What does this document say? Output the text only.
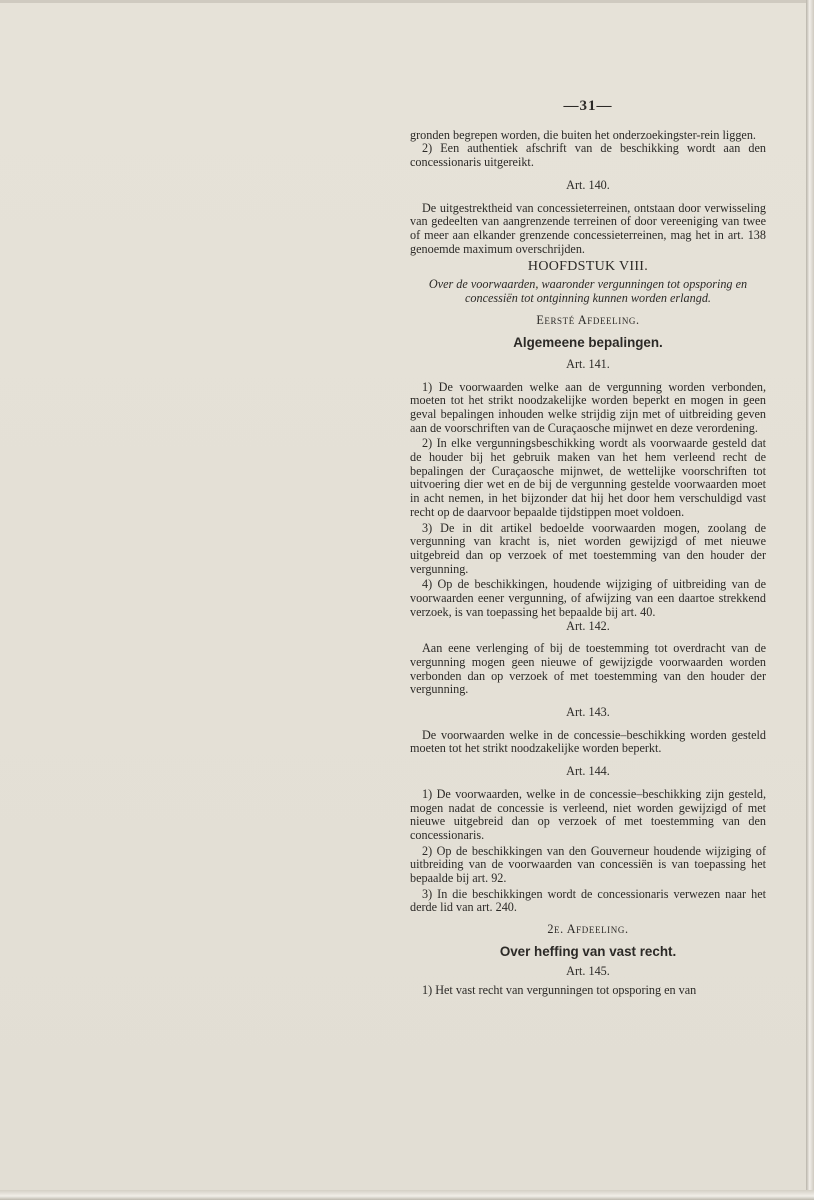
—31—

gronden begrepen worden, die buiten het onderzoekingster-rein liggen.

2) Een authentiek afschrift van de beschikking wordt aan den concessionaris uitgereikt.

Art. 140.

De uitgestrektheid van concessieterreinen, ontstaan door verwisseling van gedeelten van aangrenzende terreinen of door vereeniging van twee of meer aan elkander grenzende concessieterreinen, mag het in art. 138 genoemde maximum overschrijden.

HOOFDSTUK VIII.
Over de voorwaarden, waaronder vergunningen tot opsporing en concessiën tot ontginning kunnen worden erlangd.
Eersté Afdeeling.
Algemeene bepalingen.
Art. 141.

1) De voorwaarden welke aan de vergunning worden verbonden, moeten tot het strikt noodzakelijke worden beperkt en mogen in geen geval bepalingen inhouden welke strijdig zijn met of uitbreiding geven aan de voorschriften van de Curaçaosche mijnwet en deze verordening.

2) In elke vergunningsbeschikking wordt als voorwaarde gesteld dat de houder bij het gebruik maken van het hem verleend recht de bepalingen der Curaçaosche mijnwet, de wettelijke voorschriften tot uitvoering dier wet en de bij de vergunning gestelde voorwaarden moet in acht nemen, in het bijzonder dat hij het door hem verschuldigd vast recht op de daarvoor bepaalde tijdstippen moet voldoen.

3) De in dit artikel bedoelde voorwaarden mogen, zoolang de vergunning van kracht is, niet worden gewijzigd of met nieuwe uitgebreid dan op verzoek of met toestemming van den houder der vergunning.

4) Op de beschikkingen, houdende wijziging of uitbreiding van de voorwaarden eener vergunning, of afwijzing van een daartoe strekkend verzoek, is van toepassing het bepaalde bij art. 40.

Art. 142.

Aan eene verlenging of bij de toestemming tot overdracht van de vergunning mogen geen nieuwe of gewijzigde voorwaarden worden verbonden dan op verzoek of met toestemming van den houder der vergunning.

Art. 143.

De voorwaarden welke in de concessie–beschikking worden gesteld moeten tot het strikt noodzakelijke worden beperkt.

Art. 144.

1) De voorwaarden, welke in de concessie–beschikking zijn gesteld, mogen nadat de concessie is verleend, niet worden gewijzigd of met nieuwe uitgebreid dan op verzoek of met toestemming van den concessionaris.

2) Op de beschikkingen van den Gouverneur houdende wijziging of uitbreiding van de voorwaarden van concessiën is van toepassing het bepaalde bij art. 92.

3) In die beschikkingen wordt de concessionaris verwezen naar het derde lid van art. 240.

2e. Afdeeling.
Over heffing van vast recht.
Art. 145.

1) Het vast recht van vergunningen tot opsporing en van
